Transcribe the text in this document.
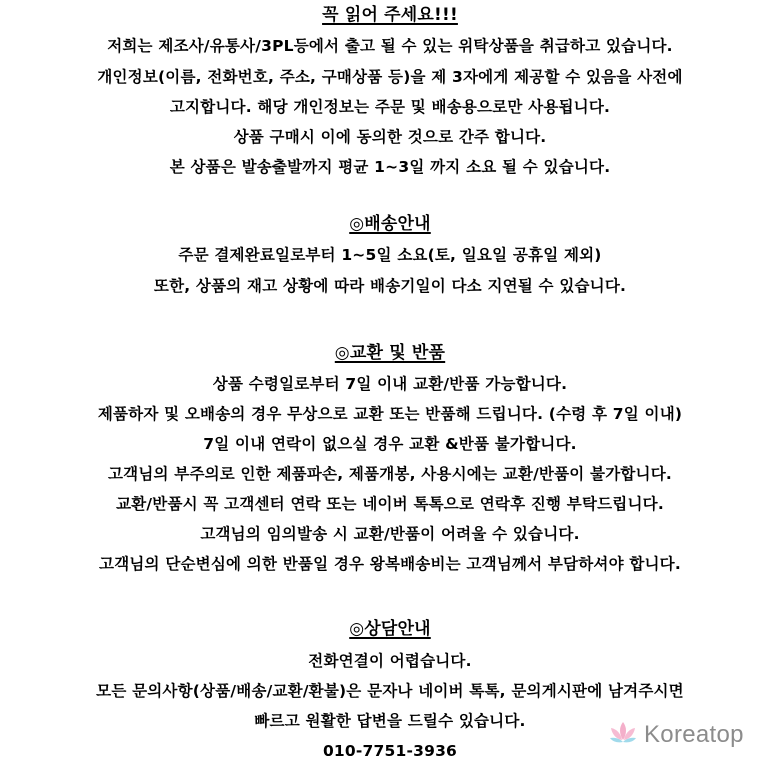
꼭 읽어 주세요!!!
저희는 제조사/유통사/3PL등에서 출고 될 수 있는 위탁상품을 취급하고 있습니다.
개인정보(이름, 전화번호, 주소, 구매상품 등)을 제 3자에게 제공할 수 있음을 사전에
고지합니다. 해당 개인정보는 주문 및 배송용으로만 사용됩니다.
상품 구매시 이에 동의한 것으로 간주 합니다.
본 상품은 발송출발까지 평균 1~3일 까지 소요 될 수 있습니다.
◎배송안내
주문 결제완료일로부터 1~5일 소요(토, 일요일 공휴일 제외)
또한, 상품의 재고 상황에 따라 배송기일이 다소 지연될 수 있습니다.
◎교환 및 반품
상품 수령일로부터 7일 이내 교환/반품 가능합니다.
제품하자 및 오배송의 경우 무상으로 교환 또는 반품해 드립니다. (수령 후 7일 이내)
7일 이내 연락이 없으실 경우 교환 &반품 불가합니다.
고객님의 부주의로 인한 제품파손, 제품개봉, 사용시에는 교환/반품이 불가합니다.
교환/반품시 꼭 고객센터 연락 또는 네이버 톡톡으로 연락후 진행 부탁드립니다.
고객님의 임의발송 시 교환/반품이 어려울 수 있습니다.
고객님의 단순변심에 의한 반품일 경우 왕복배송비는 고객님께서 부담하셔야 합니다.
◎상담안내
전화연결이 어렵습니다.
모든 문의사항(상품/배송/교환/환불)은 문자나 네이버 톡톡, 문의게시판에 남겨주시면
빠르고 원활한 답변을 드릴수 있습니다.
010-7751-3936
Koreatop
